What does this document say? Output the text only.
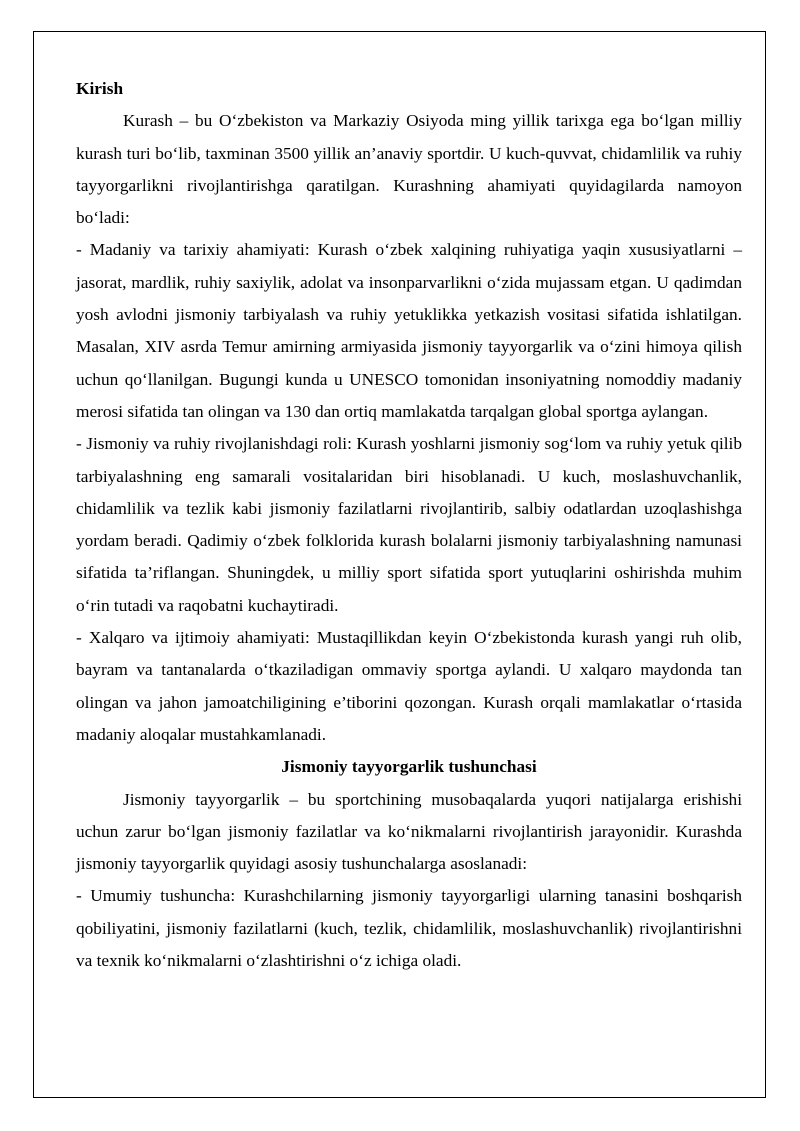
Kirish

Kurash – bu O‘zbekiston va Markaziy Osiyoda ming yillik tarixga ega bo‘lgan milliy kurash turi bo‘lib, taxminan 3500 yillik an’anaviy sportdir. U kuch-quvvat, chidamlilik va ruhiy tayyorgarlikni rivojlantirishga qaratilgan. Kurashning ahamiyati quyidagilarda namoyon bo‘ladi:

- Madaniy va tarixiy ahamiyati: Kurash o‘zbek xalqining ruhiyatiga yaqin xususiyatlarni – jasorat, mardlik, ruhiy saxiylik, adolat va insonparvarlikni o‘zida mujassam etgan. U qadimdan yosh avlodni jismoniy tarbiyalash va ruhiy yetuklikka yetkazish vositasi sifatida ishlatilgan. Masalan, XIV asrda Temur amirning armiyasida jismoniy tayyorgarlik va o‘zini himoya qilish uchun qo‘llanilgan. Bugungi kunda u UNESCO tomonidan insoniyatning nomoddiy madaniy merosi sifatida tan olingan va 130 dan ortiq mamlakatda tarqalgan global sportga aylangan.

- Jismoniy va ruhiy rivojlanishdagi roli: Kurash yoshlarni jismoniy sog‘lom va ruhiy yetuk qilib tarbiyalashning eng samarali vositalaridan biri hisoblanadi. U kuch, moslashuvchanlik, chidamlilik va tezlik kabi jismoniy fazilatlarni rivojlantirib, salbiy odatlardan uzoqlashishga yordam beradi. Qadimiy o‘zbek folklorida kurash bolalarni jismoniy tarbiyalashning namunasi sifatida ta’riflangan. Shuningdek, u milliy sport sifatida sport yutuqlarini oshirishda muhim o‘rin tutadi va raqobatni kuchaytiradi.

- Xalqaro va ijtimoiy ahamiyati: Mustaqillikdan keyin O‘zbekistonda kurash yangi ruh olib, bayram va tantanalarda o‘tkaziladigan ommaviy sportga aylandi. U xalqaro maydonda tan olingan va jahon jamoatchiligining e’tiborini qozongan. Kurash orqali mamlakatlar o‘rtasida madaniy aloqalar mustahkamlanadi.

Jismoniy tayyorgarlik tushunchasi

Jismoniy tayyorgarlik – bu sportchining musobaqalarda yuqori natijalarga erishishi uchun zarur bo‘lgan jismoniy fazilatlar va ko‘nikmalarni rivojlantirish jarayonidir. Kurashda jismoniy tayyorgarlik quyidagi asosiy tushunchalarga asoslanadi:

- Umumiy tushuncha: Kurashchilarning jismoniy tayyorgarligi ularning tanasini boshqarish qobiliyatini, jismoniy fazilatlarni (kuch, tezlik, chidamlilik, moslashuvchanlik) rivojlantirishni va texnik ko‘nikmalarni o‘zlashtirishni o‘z ichiga oladi.
